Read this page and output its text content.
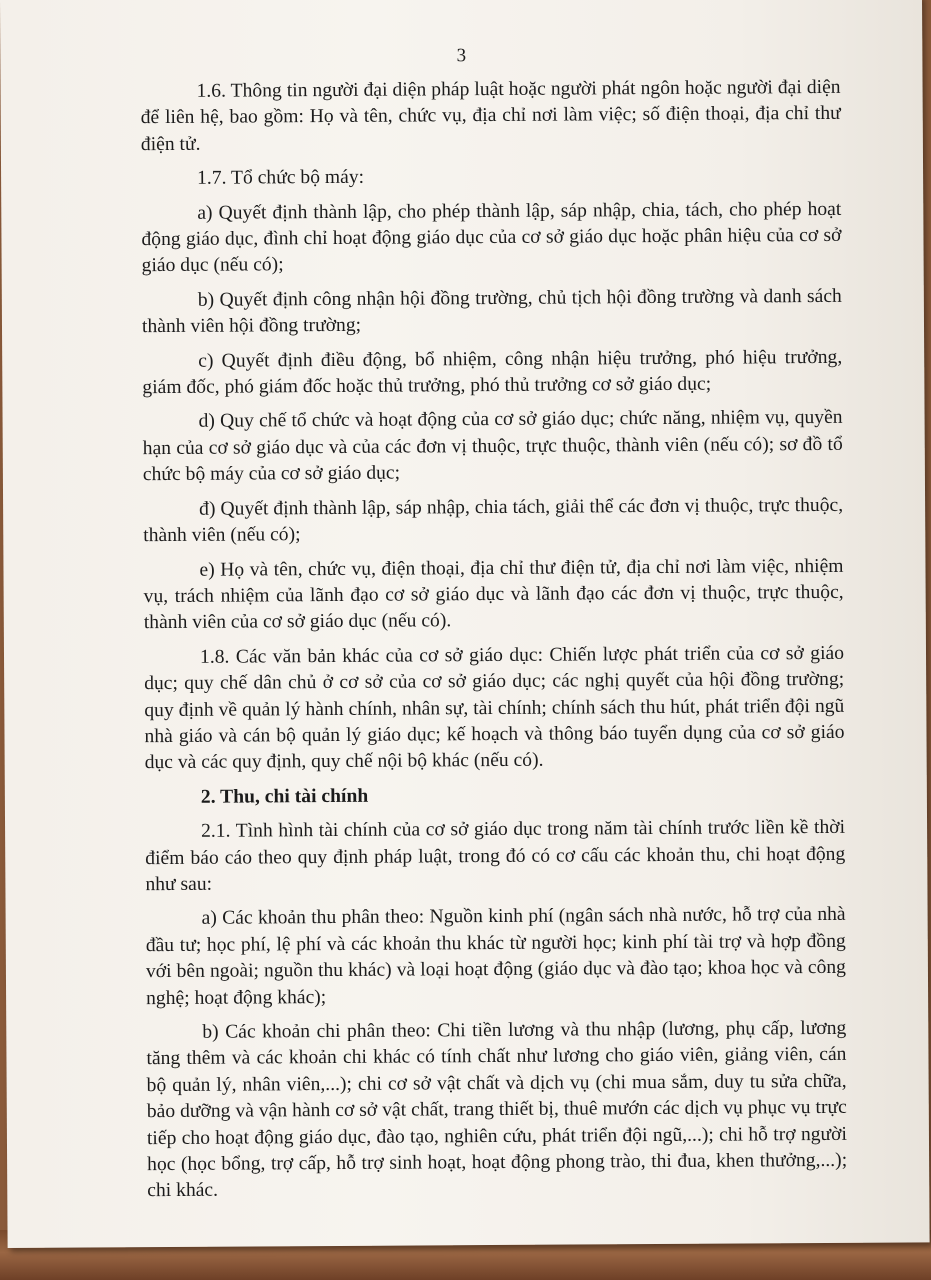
3

1.6. Thông tin người đại diện pháp luật hoặc người phát ngôn hoặc người đại diện để liên hệ, bao gồm: Họ và tên, chức vụ, địa chỉ nơi làm việc; số điện thoại, địa chỉ thư điện tử.

1.7. Tổ chức bộ máy:

a) Quyết định thành lập, cho phép thành lập, sáp nhập, chia, tách, cho phép hoạt động giáo dục, đình chỉ hoạt động giáo dục của cơ sở giáo dục hoặc phân hiệu của cơ sở giáo dục (nếu có);

b) Quyết định công nhận hội đồng trường, chủ tịch hội đồng trường và danh sách thành viên hội đồng trường;

c) Quyết định điều động, bổ nhiệm, công nhận hiệu trưởng, phó hiệu trưởng, giám đốc, phó giám đốc hoặc thủ trưởng, phó thủ trưởng cơ sở giáo dục;

d) Quy chế tổ chức và hoạt động của cơ sở giáo dục; chức năng, nhiệm vụ, quyền hạn của cơ sở giáo dục và của các đơn vị thuộc, trực thuộc, thành viên (nếu có); sơ đồ tổ chức bộ máy của cơ sở giáo dục;

đ) Quyết định thành lập, sáp nhập, chia tách, giải thể các đơn vị thuộc, trực thuộc, thành viên (nếu có);

e) Họ và tên, chức vụ, điện thoại, địa chỉ thư điện tử, địa chỉ nơi làm việc, nhiệm vụ, trách nhiệm của lãnh đạo cơ sở giáo dục và lãnh đạo các đơn vị thuộc, trực thuộc, thành viên của cơ sở giáo dục (nếu có).

1.8. Các văn bản khác của cơ sở giáo dục: Chiến lược phát triển của cơ sở giáo dục; quy chế dân chủ ở cơ sở của cơ sở giáo dục; các nghị quyết của hội đồng trường; quy định về quản lý hành chính, nhân sự, tài chính; chính sách thu hút, phát triển đội ngũ nhà giáo và cán bộ quản lý giáo dục; kế hoạch và thông báo tuyển dụng của cơ sở giáo dục và các quy định, quy chế nội bộ khác (nếu có).

2. Thu, chi tài chính

2.1. Tình hình tài chính của cơ sở giáo dục trong năm tài chính trước liền kề thời điểm báo cáo theo quy định pháp luật, trong đó có cơ cấu các khoản thu, chi hoạt động như sau:

a) Các khoản thu phân theo: Nguồn kinh phí (ngân sách nhà nước, hỗ trợ của nhà đầu tư; học phí, lệ phí và các khoản thu khác từ người học; kinh phí tài trợ và hợp đồng với bên ngoài; nguồn thu khác) và loại hoạt động (giáo dục và đào tạo; khoa học và công nghệ; hoạt động khác);

b) Các khoản chi phân theo: Chi tiền lương và thu nhập (lương, phụ cấp, lương tăng thêm và các khoản chi khác có tính chất như lương cho giáo viên, giảng viên, cán bộ quản lý, nhân viên,...); chi cơ sở vật chất và dịch vụ (chi mua sắm, duy tu sửa chữa, bảo dưỡng và vận hành cơ sở vật chất, trang thiết bị, thuê mướn các dịch vụ phục vụ trực tiếp cho hoạt động giáo dục, đào tạo, nghiên cứu, phát triển đội ngũ,...); chi hỗ trợ người học (học bổng, trợ cấp, hỗ trợ sinh hoạt, hoạt động phong trào, thi đua, khen thưởng,...); chi khác.
